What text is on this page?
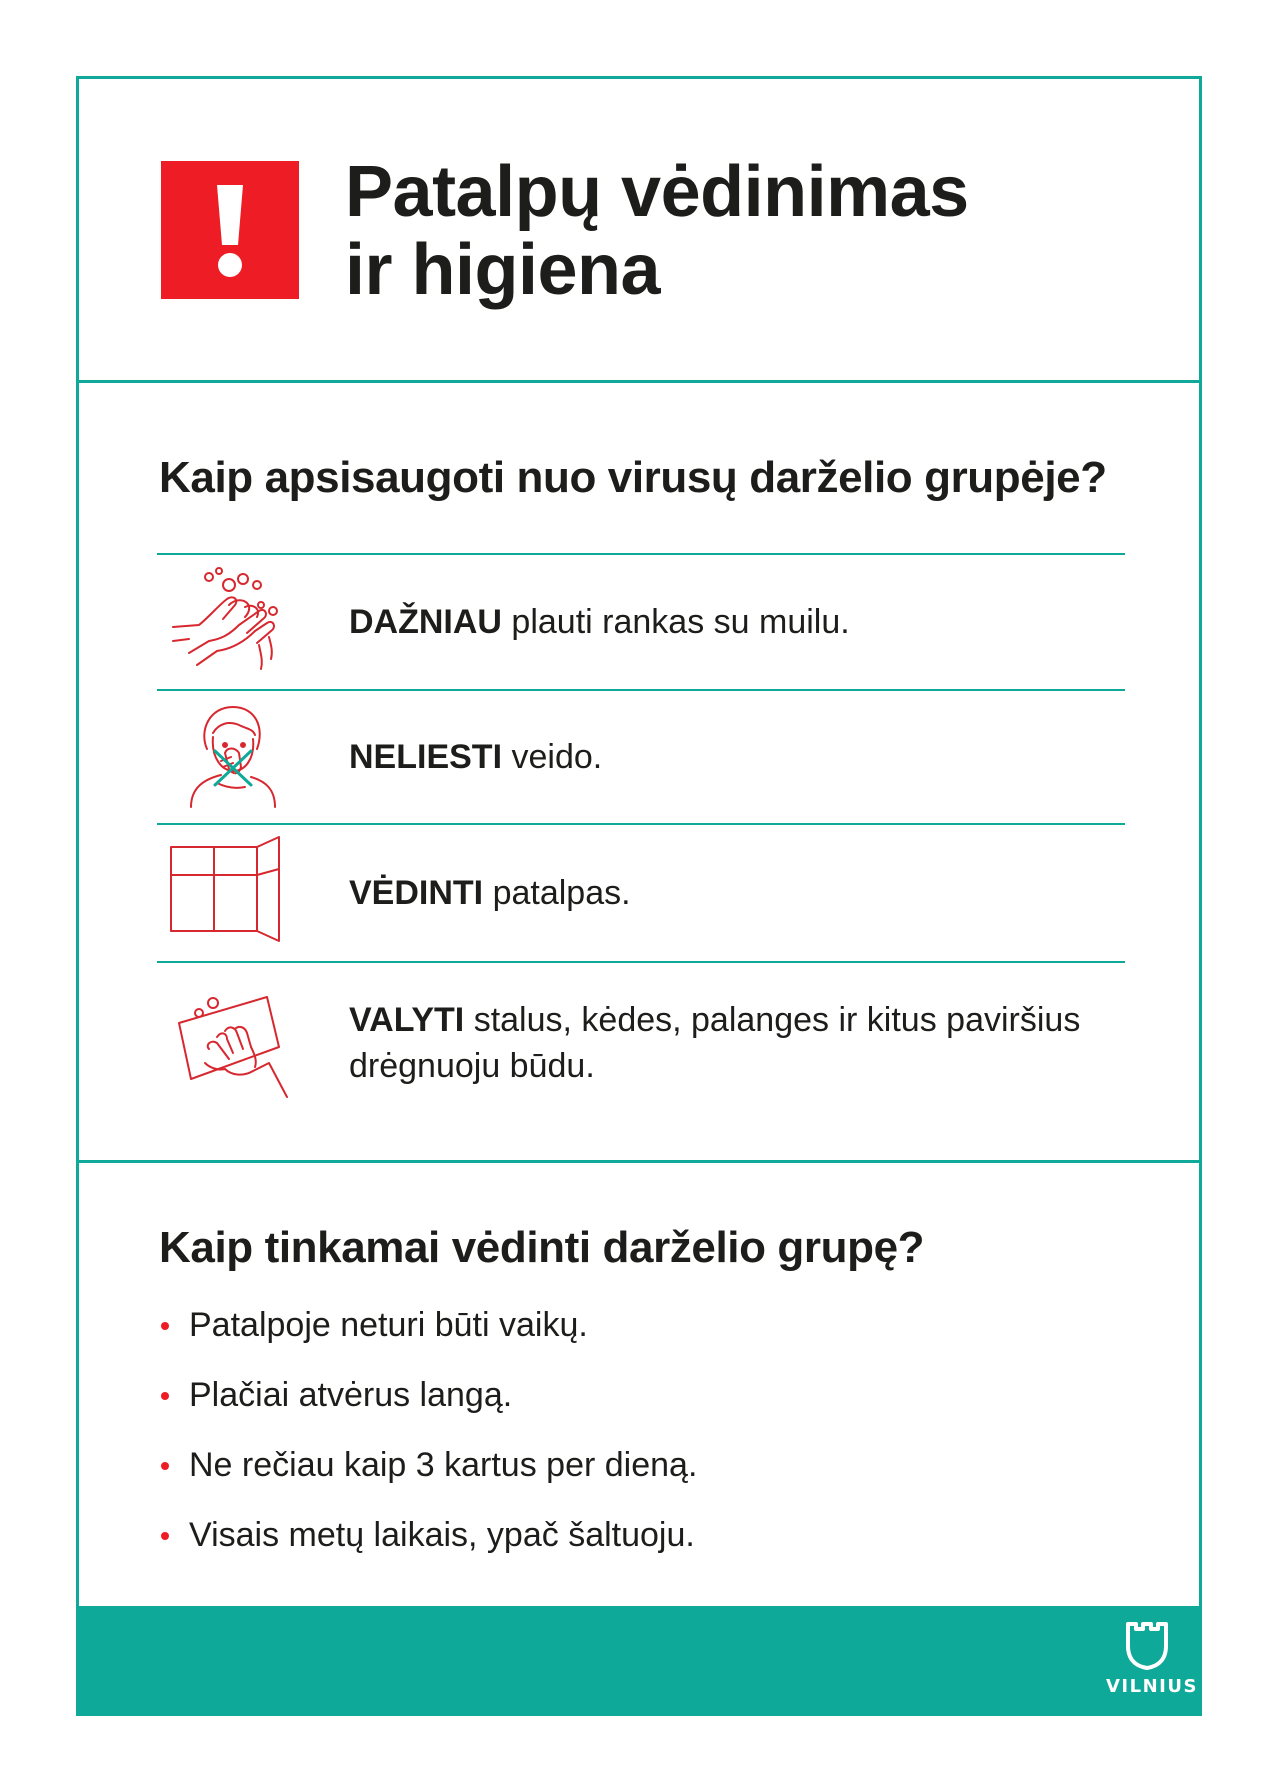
Patalpų vėdinimas
ir higiena
Kaip apsisaugoti nuo virusų darželio grupėje?

DAŽNIAU plauti rankas su muilu.

NELIESTI veido.

VĖDINTI patalpas.

VALYTI stalus, kėdes, palanges ir kitus paviršius drėgnuoju būdu.

Kaip tinkamai vėdinti darželio grupę?
Patalpoje neturi būti vaikų.
Plačiai atvėrus langą.
Ne rečiau kaip 3 kartus per dieną.
Visais metų laikais, ypač šaltuoju.
VILNIUS
